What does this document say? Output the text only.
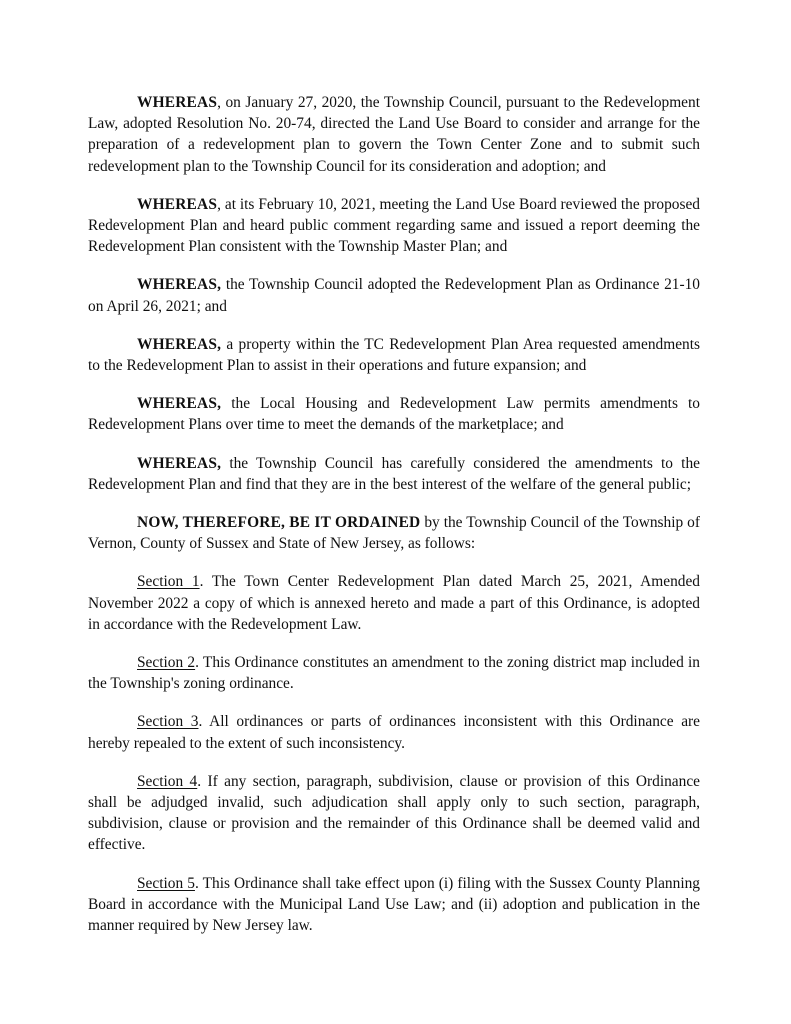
WHEREAS, on January 27, 2020, the Township Council, pursuant to the Redevelopment Law, adopted Resolution No. 20-74, directed the Land Use Board to consider and arrange for the preparation of a redevelopment plan to govern the Town Center Zone and to submit such redevelopment plan to the Township Council for its consideration and adoption; and

WHEREAS, at its February 10, 2021, meeting the Land Use Board reviewed the proposed Redevelopment Plan and heard public comment regarding same and issued a report deeming the Redevelopment Plan consistent with the Township Master Plan; and

WHEREAS, the Township Council adopted the Redevelopment Plan as Ordinance 21-10 on April 26, 2021; and

WHEREAS, a property within the TC Redevelopment Plan Area requested amendments to the Redevelopment Plan to assist in their operations and future expansion; and

WHEREAS, the Local Housing and Redevelopment Law permits amendments to Redevelopment Plans over time to meet the demands of the marketplace; and

WHEREAS, the Township Council has carefully considered the amendments to the Redevelopment Plan and find that they are in the best interest of the welfare of the general public;

NOW, THEREFORE, BE IT ORDAINED by the Township Council of the Township of Vernon, County of Sussex and State of New Jersey, as follows:

Section 1. The Town Center Redevelopment Plan dated March 25, 2021, Amended November 2022 a copy of which is annexed hereto and made a part of this Ordinance, is adopted in accordance with the Redevelopment Law.

Section 2. This Ordinance constitutes an amendment to the zoning district map included in the Township's zoning ordinance.

Section 3. All ordinances or parts of ordinances inconsistent with this Ordinance are hereby repealed to the extent of such inconsistency.

Section 4. If any section, paragraph, subdivision, clause or provision of this Ordinance shall be adjudged invalid, such adjudication shall apply only to such section, paragraph, subdivision, clause or provision and the remainder of this Ordinance shall be deemed valid and effective.

Section 5. This Ordinance shall take effect upon (i) filing with the Sussex County Planning Board in accordance with the Municipal Land Use Law; and (ii) adoption and publication in the manner required by New Jersey law.
